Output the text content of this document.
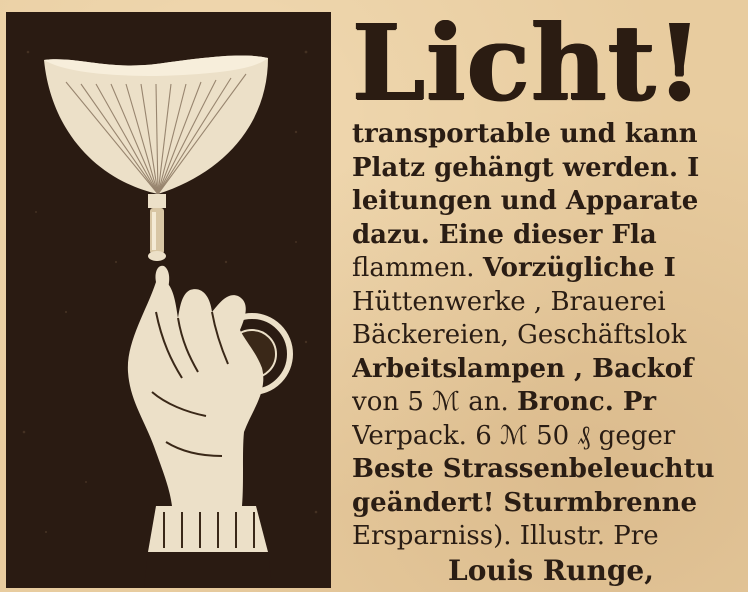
Licht!
transportable und kann
Platz gehängt werden. I
leitungen und Apparate
dazu. Eine dieser Fla
flammen. Vorzügliche I
Hüttenwerke , Brauerei
Bäckereien, Geschäftslok
Arbeitslampen , Backof
von 5 ℳ an. Bronc. Pr
Verpack. 6 ℳ 50 ₰ geger
Beste Strassenbeleuchtu
geändert! Sturmbrenne
Ersparniss). Illustr. Pre
Louis Runge,
